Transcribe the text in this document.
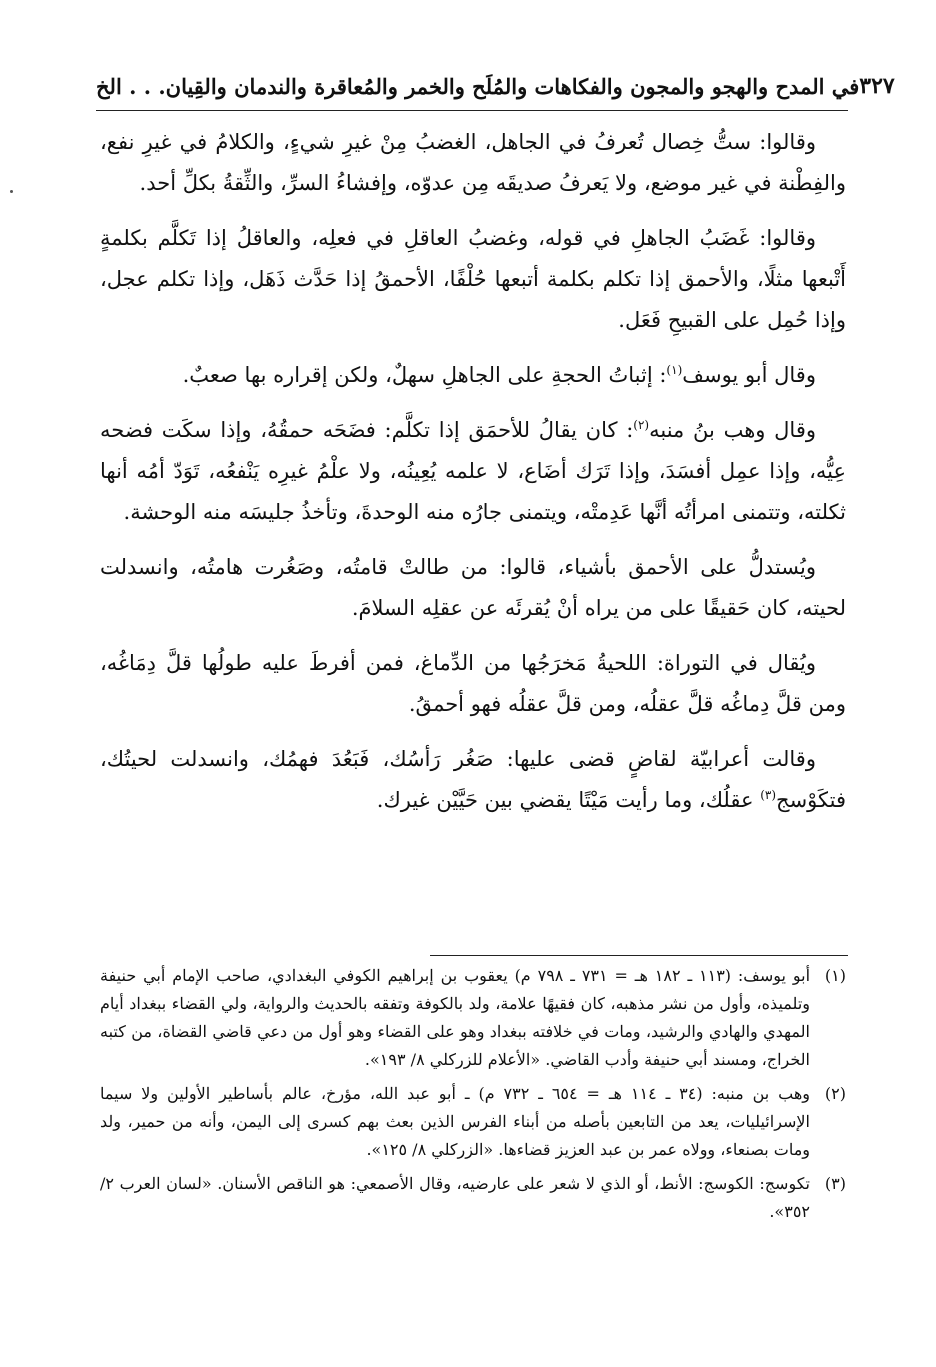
في المدح والهجو والمجون والفكاهات والمُلَح والخمر والمُعاقرة والندمان والقِيان. . . الخ ٣٢٧

وقالوا: ستُّ خِصال تُعرفُ في الجاهل، الغضبُ مِنْ غيرِ شيءٍ، والكلامُ في غيرِ نفع، والفِطْنة في غير موضع، ولا يَعرفُ صديقَه مِن عدوّه، وإفشاءُ السرِّ، والثِّقةُ بكلِّ أحد.

وقالوا: غَضَبُ الجاهلِ في قوله، وغضبُ العاقلِ في فعلِه، والعاقلُ إذا تَكلَّم بكلمةٍ أَتْبعها مثلًا، والأحمق إذا تكلم بكلمة أتبعها حُلْفًا، الأحمقُ إذا حَدَّث ذَهَل، وإذا تكلم عجل، وإذا حُمِل على القبيحِ فَعَل.

وقال أبو يوسف$^{(١)}$: إثباتُ الحجةِ على الجاهلِ سهلٌ، ولكن إقراره بها صعبٌ.

وقال وهب بنُ منبه$^{(٢)}$: كان يقالُ للأحمَق إذا تكلَّم: فضَحَه حمقُهُ، وإذا سكَت فضحه عِيُّه، وإذا عمِل أفسَدَ، وإذا تَرَك أضَاع، لا علمه يُعِينُه، ولا علْمُ غيرِه يَنْفعُه، تَوَدّ أمُه أنها ثكلته، وتتمنى امرأتُه أنَّها عَدِمتْه، ويتمنى جارُه منه الوحدةَ، وتأخذُ جليسَه منه الوحشة.

ويُستدلُّ على الأحمق بأشياء، قالوا: من طالتْ قامتُه، وصَغُرت هامتُه، وانسدلت لحيته، كان حَقيقًا على من يراه أنْ يُقرئَه عن عقلِه السلامَ.

ويُقال في التوراة: اللحيةُ مَخرَجُها من الدِّماغ، فمن أفرطَ عليه طولُها قلَّ دِمَاغُه، ومن قلَّ دِماغُه قلَّ عقلُه، ومن قلَّ عقلُه فهو أحمقُ.

وقالت أعرابيّة لقاضٍ قضى عليها: صَغُر رَأسُك، فَبَعُدَ فهمُك، وانسدلت لحيتُك، فتكَوْسج$^{(٣)}$ عقلُك، وما رأيت مَيْتًا يقضي بين حَيَّيْن غيرك.

(١)
أبو يوسف: (١١٣ ـ ١٨٢ هـ = ٧٣١ ـ ٧٩٨ م) يعقوب بن إبراهيم الكوفي البغدادي، صاحب الإمام أبي حنيفة وتلميذه، وأول من نشر مذهبه، كان فقيهًا علامة، ولد بالكوفة وتفقه بالحديث والرواية، ولي القضاء ببغداد أيام المهدي والهادي والرشيد، ومات في خلافته ببغداد وهو على القضاء وهو أول من دعي قاضي القضاة، من كتبه الخراج، ومسند أبي حنيفة وأدب القاضي. «الأعلام للزركلي ٨/ ١٩٣».
(٢)
وهب بن منبه: (٣٤ ـ ١١٤ هـ = ٦٥٤ ـ ٧٣٢ م) ـ أبو عبد الله، مؤرخ، عالم بأساطير الأولين ولا سيما الإسرائيليات، يعد من التابعين بأصله من أبناء الفرس الذين بعث بهم كسرى إلى اليمن، وأنه من حمير، ولد ومات بصنعاء، وولاه عمر بن عبد العزيز قضاءها. «الزركلي ٨/ ١٢٥».
(٣)
تكوسج: الكوسج: الأنط، أو الذي لا شعر على عارضيه، وقال الأصمعي: هو الناقص الأسنان. «لسان العرب ٢/ ٣٥٢».
